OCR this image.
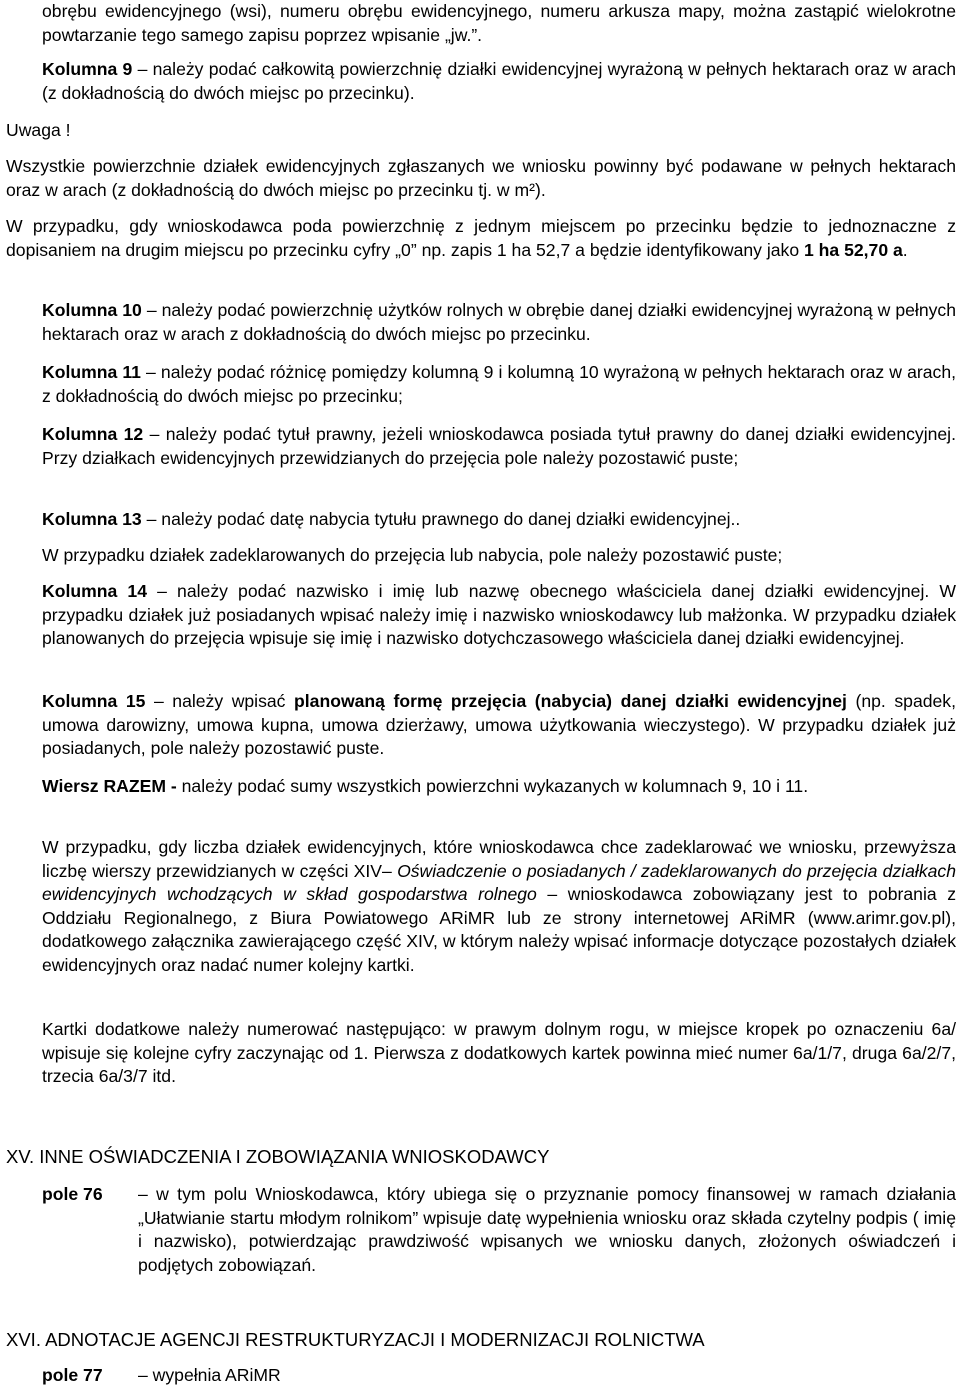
obrębu ewidencyjnego (wsi), numeru obrębu ewidencyjnego, numeru arkusza mapy, można zastąpić wielokrotne powtarzanie tego samego zapisu poprzez wpisanie „jw.”.

Kolumna 9 – należy podać całkowitą powierzchnię działki ewidencyjnej wyrażoną w pełnych hektarach oraz w arach (z dokładnością do dwóch miejsc po przecinku).

Uwaga !

Wszystkie powierzchnie działek ewidencyjnych zgłaszanych we wniosku powinny być podawane w pełnych hektarach oraz w arach (z dokładnością do dwóch miejsc po przecinku tj. w m²).

W przypadku, gdy wnioskodawca poda powierzchnię z jednym miejscem po przecinku będzie to jednoznaczne z dopisaniem na drugim miejscu po przecinku cyfry „0” np. zapis 1 ha 52,7 a będzie identyfikowany jako 1 ha 52,70 a.

Kolumna 10 – należy podać powierzchnię użytków rolnych w obrębie danej działki ewidencyjnej wyrażoną w pełnych hektarach oraz w arach z dokładnością do dwóch miejsc po przecinku.

Kolumna 11 – należy podać różnicę pomiędzy kolumną 9 i kolumną 10 wyrażoną w pełnych hektarach oraz w arach, z dokładnością do dwóch miejsc po przecinku;

Kolumna 12 – należy podać tytuł prawny, jeżeli wnioskodawca posiada tytuł prawny do danej działki ewidencyjnej. Przy działkach ewidencyjnych przewidzianych do przejęcia pole należy pozostawić puste;

Kolumna 13 – należy podać datę nabycia tytułu prawnego do danej działki ewidencyjnej..

W przypadku działek zadeklarowanych do przejęcia lub nabycia, pole należy pozostawić puste;

Kolumna 14 – należy podać nazwisko i imię lub nazwę obecnego właściciela danej działki ewidencyjnej. W przypadku działek już posiadanych wpisać należy imię i nazwisko wnioskodawcy lub małżonka. W przypadku działek planowanych do przejęcia wpisuje się imię i nazwisko dotychczasowego właściciela danej działki ewidencyjnej.

Kolumna 15 – należy wpisać planowaną formę przejęcia (nabycia) danej działki ewidencyjnej (np. spadek, umowa darowizny, umowa kupna, umowa dzierżawy, umowa użytkowania wieczystego). W przypadku działek już posiadanych, pole należy pozostawić puste.

Wiersz RAZEM - należy podać sumy wszystkich powierzchni wykazanych w kolumnach 9, 10 i 11.

W przypadku, gdy liczba działek ewidencyjnych, które wnioskodawca chce zadeklarować we wniosku, przewyższa liczbę wierszy przewidzianych w części XIV– Oświadczenie o posiadanych / zadeklarowanych do przejęcia działkach ewidencyjnych wchodzących w skład gospodarstwa rolnego – wnioskodawca zobowiązany jest to pobrania z Oddziału Regionalnego, z Biura Powiatowego ARiMR lub ze strony internetowej ARiMR (www.arimr.gov.pl), dodatkowego załącznika zawierającego część XIV, w którym należy wpisać informacje dotyczące pozostałych działek ewidencyjnych oraz nadać numer kolejny kartki.

Kartki dodatkowe należy numerować następująco: w prawym dolnym rogu, w miejsce kropek po oznaczeniu 6a/ wpisuje się kolejne cyfry zaczynając od 1. Pierwsza z dodatkowych kartek powinna mieć numer 6a/1/7, druga 6a/2/7, trzecia 6a/3/7 itd.

XV. INNE OŚWIADCZENIA I ZOBOWIĄZANIA WNIOSKODAWCY

pole 76 – w tym polu Wnioskodawca, który ubiega się o przyznanie pomocy finansowej w ramach działania „Ułatwianie startu młodym rolnikom” wpisuje datę wypełnienia wniosku oraz składa czytelny podpis ( imię i nazwisko), potwierdzając prawdziwość wpisanych we wniosku danych, złożonych oświadczeń i podjętych zobowiązań.

XVI. ADNOTACJE AGENCJI RESTRUKTURYZACJI I MODERNIZACJI ROLNICTWA

pole 77 – wypełnia ARiMR
